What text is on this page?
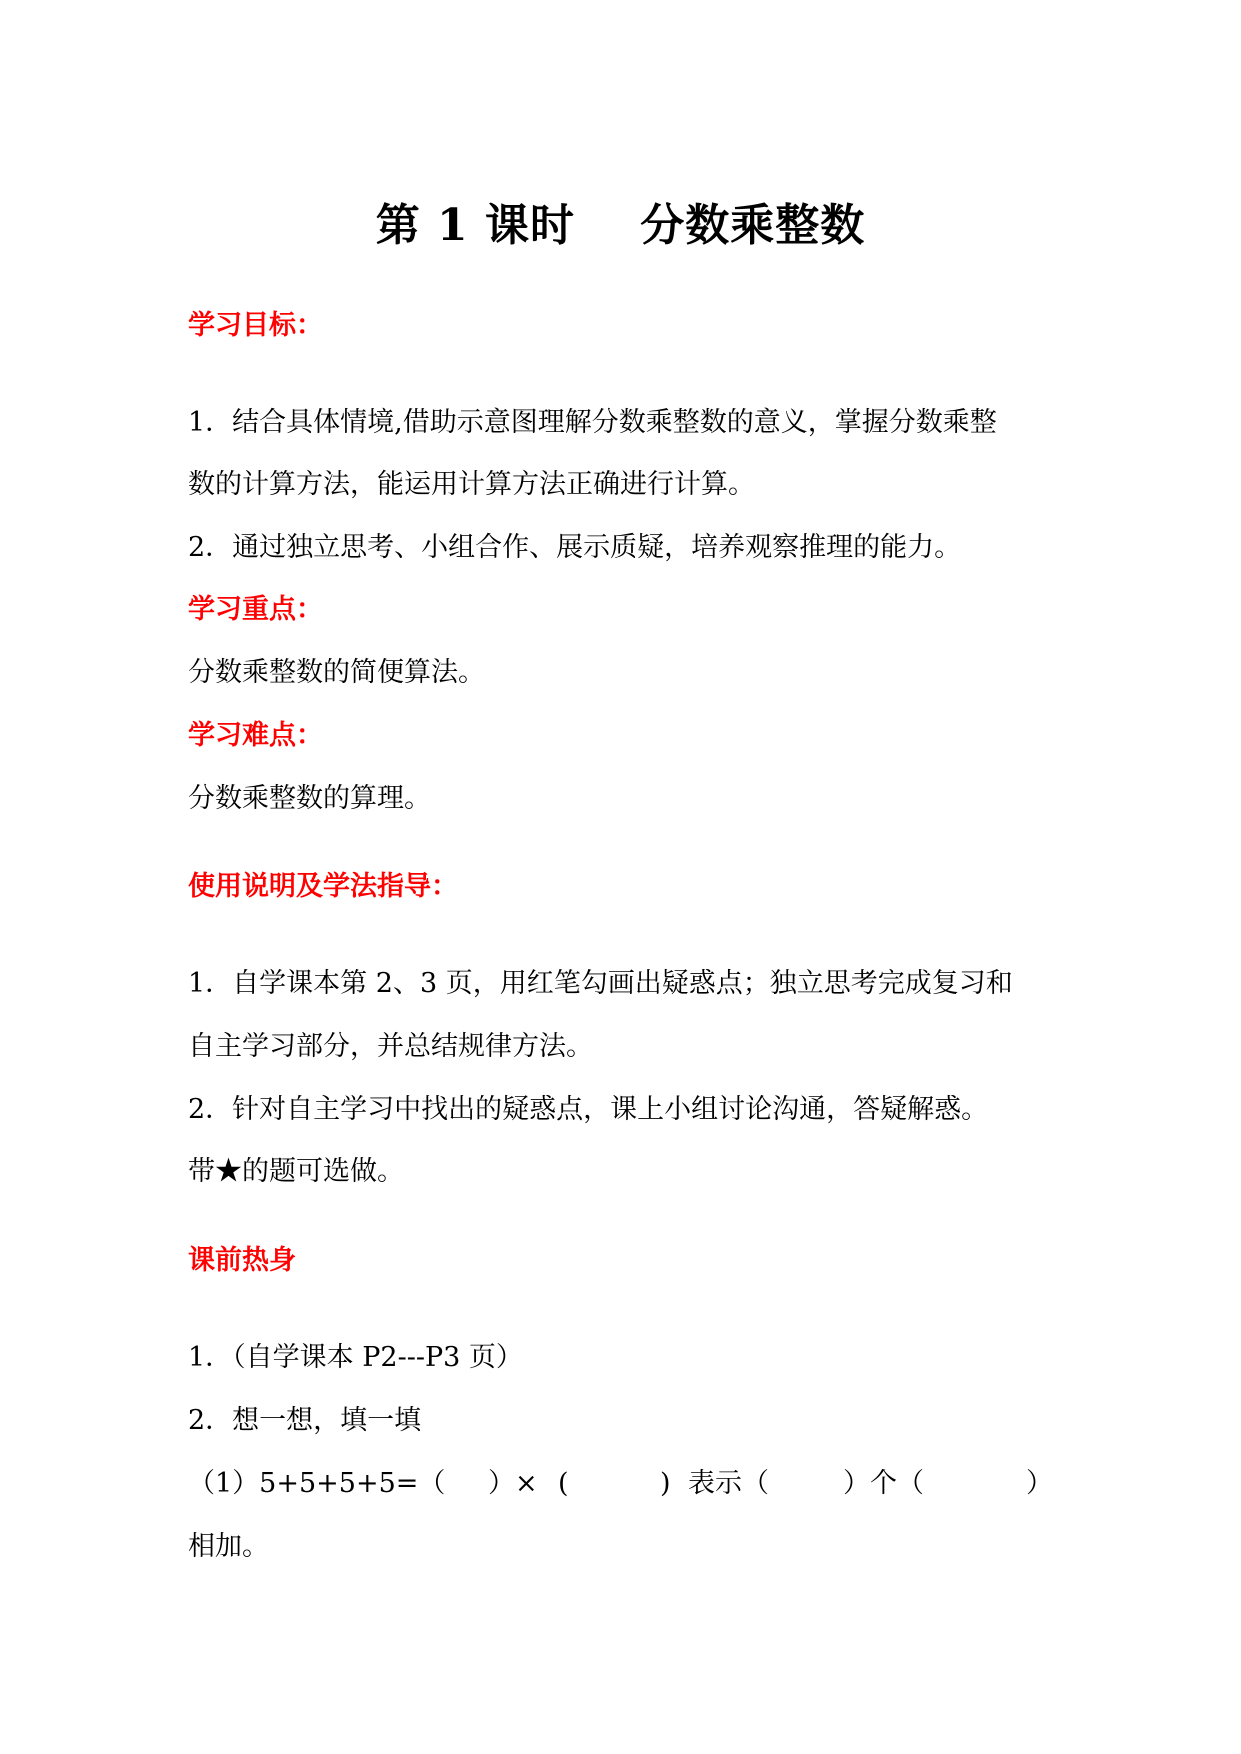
第 1 课时    分数乘整数
学习目标：
1．结合具体情境,借助示意图理解分数乘整数的意义，掌握分数乘整
数的计算方法，能运用计算方法正确进行计算。
2．通过独立思考、小组合作、展示质疑，培养观察推理的能力。
学习重点：
分数乘整数的简便算法。
学习难点：
分数乘整数的算理。
使用说明及学法指导：
1．自学课本第 2、3 页，用红笔勾画出疑惑点；独立思考完成复习和
自主学习部分，并总结规律方法。
2．针对自主学习中找出的疑惑点，课上小组讨论沟通，答疑解惑。
带★的题可选做。
课前热身
1．（自学课本 P2---P3 页）
2．想一想，填一填
（1）5+5+5+5=（ ）× (	) 表示（	）个（	）
相加。
